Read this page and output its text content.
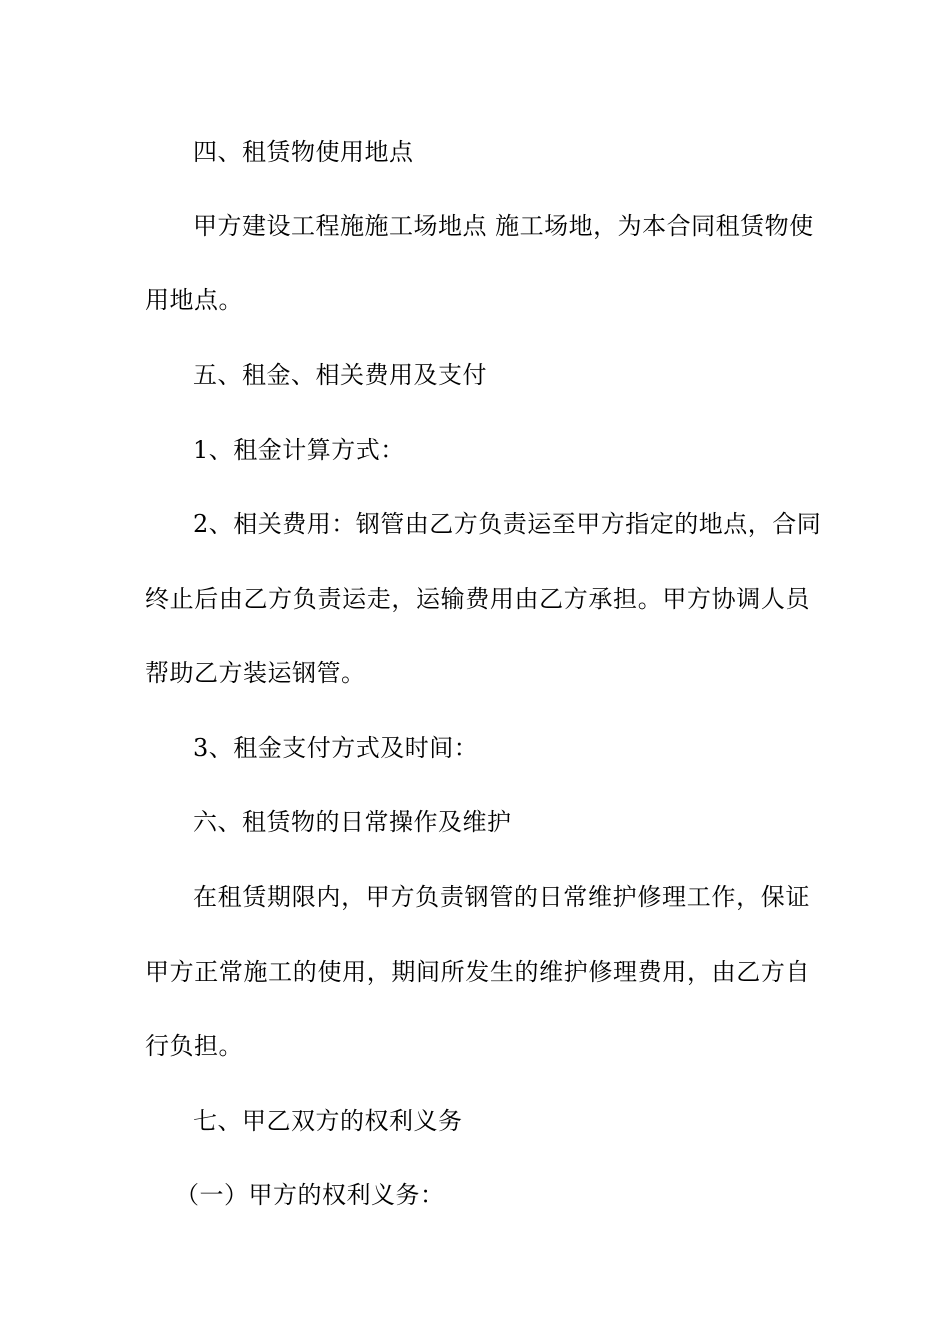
四、租赁物使用地点
甲方建设工程施施工场地点 施工场地，为本合同租赁物使
用地点。
五、租金、相关费用及支付
1、租金计算方式：
2、相关费用：钢管由乙方负责运至甲方指定的地点，合同
终止后由乙方负责运走，运输费用由乙方承担。甲方协调人员
帮助乙方装运钢管。
3、租金支付方式及时间：
六、租赁物的日常操作及维护
在租赁期限内，甲方负责钢管的日常维护修理工作，保证
甲方正常施工的使用，期间所发生的维护修理费用，由乙方自
行负担。
七、甲乙双方的权利义务
（一）甲方的权利义务：
